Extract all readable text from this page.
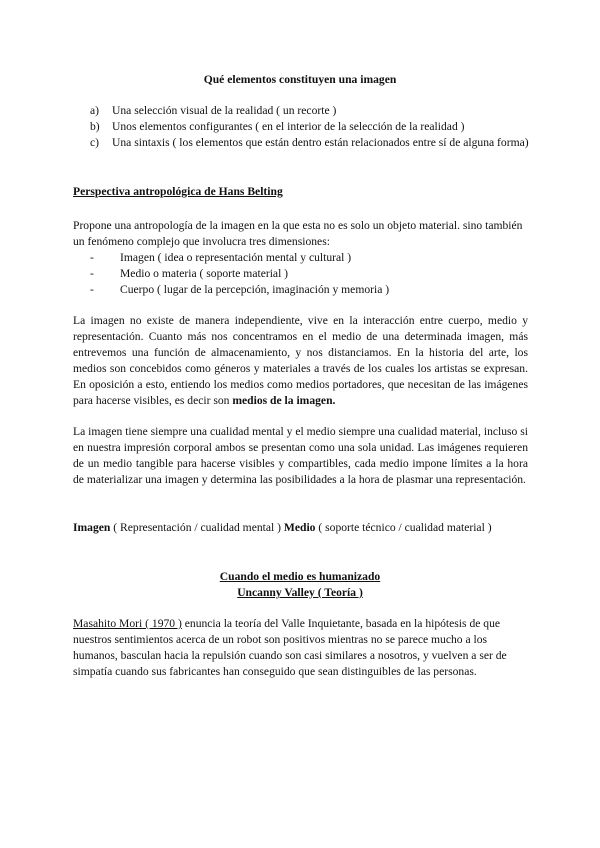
Qué elementos constituyen una imagen
a)	Una selección visual de la realidad ( un recorte )
b)	Unos elementos configurantes ( en el interior de la selección de la realidad )
c)	Una sintaxis ( los elementos que están dentro están relacionados entre sí de alguna forma)
Perspectiva antropológica de Hans Belting
Propone una antropología de la imagen en la que esta no es solo un objeto material. sino también un fenómeno complejo que involucra tres dimensiones:
-	Imagen ( idea o representación mental y cultural )
-	Medio o materia ( soporte material )
-	Cuerpo ( lugar de la percepción, imaginación y memoria )
La imagen no existe de manera independiente, vive en la interacción entre cuerpo, medio y representación. Cuanto más nos concentramos en el medio de una determinada imagen, más entrevemos una función de almacenamiento, y nos distanciamos. En la historia del arte, los medios son concebidos como géneros y materiales a través de los cuales los artistas se expresan. En oposición a esto, entiendo los medios como medios portadores, que necesitan de las imágenes para hacerse visibles, es decir son medios de la imagen.
La imagen tiene siempre una cualidad mental y el medio siempre una cualidad material, incluso si en nuestra impresión corporal ambos se presentan como una sola unidad. Las imágenes requieren de un medio tangible para hacerse visibles y compartibles, cada medio impone límites a la hora de materializar una imagen y determina las posibilidades a la hora de plasmar una representación.
Imagen ( Representación / cualidad mental ) Medio ( soporte técnico / cualidad material )
Cuando el medio es humanizado
Uncanny Valley ( Teoría )
Masahito Mori ( 1970 ) enuncia la teoría del Valle Inquietante, basada en la hipótesis de que nuestros sentimientos acerca de un robot son positivos mientras no se parece mucho a los humanos, basculan hacia la repulsión cuando son casi similares a nosotros, y vuelven a ser de simpatía cuando sus fabricantes han conseguido que sean distinguibles de las personas.
